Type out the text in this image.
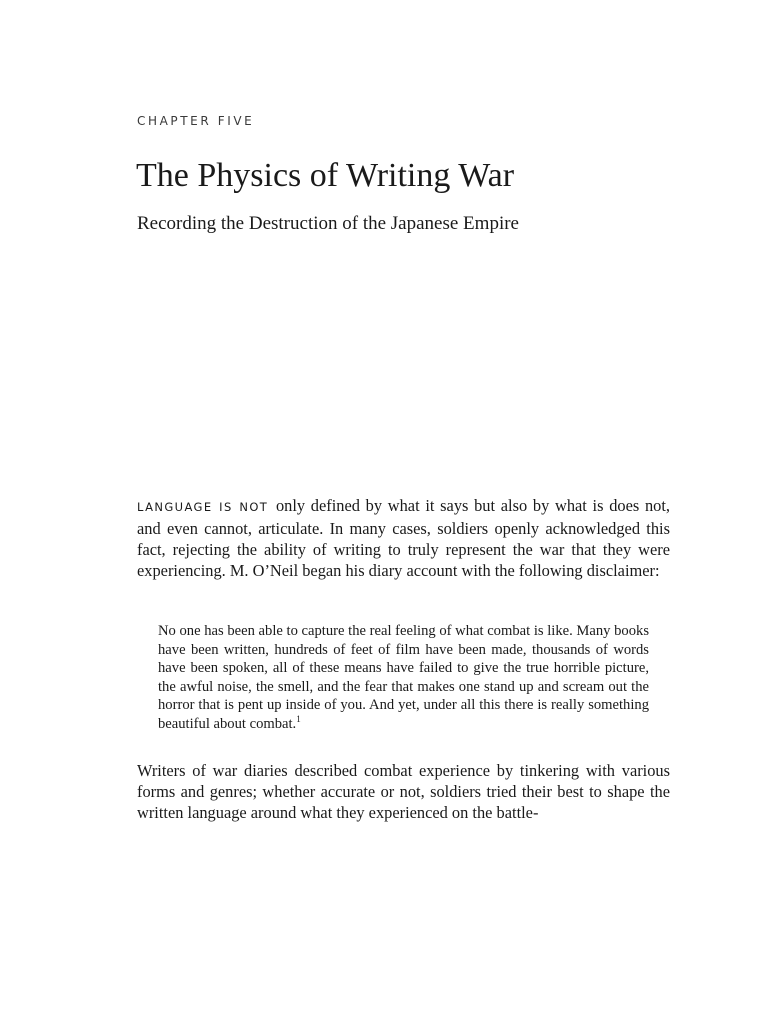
CHAPTER FIVE
The Physics of Writing War
Recording the Destruction of the Japanese Empire

LANGUAGE IS NOT only defined by what it says but also by what is does not, and even cannot, articulate. In many cases, soldiers openly acknowledged this fact, rejecting the ability of writing to truly represent the war that they were experiencing. M. O’Neil began his diary account with the following disclaimer:

No one has been able to capture the real feeling of what combat is like. Many books have been written, hundreds of feet of film have been made, thousands of words have been spoken, all of these means have failed to give the true horrible picture, the awful noise, the smell, and the fear that makes one stand up and scream out the horror that is pent up inside of you. And yet, under all this there is really something beautiful about combat.$^1$

Writers of war diaries described combat experience by tinkering with various forms and genres; whether accurate or not, soldiers tried their best to shape the written language around what they experienced on the battle-
